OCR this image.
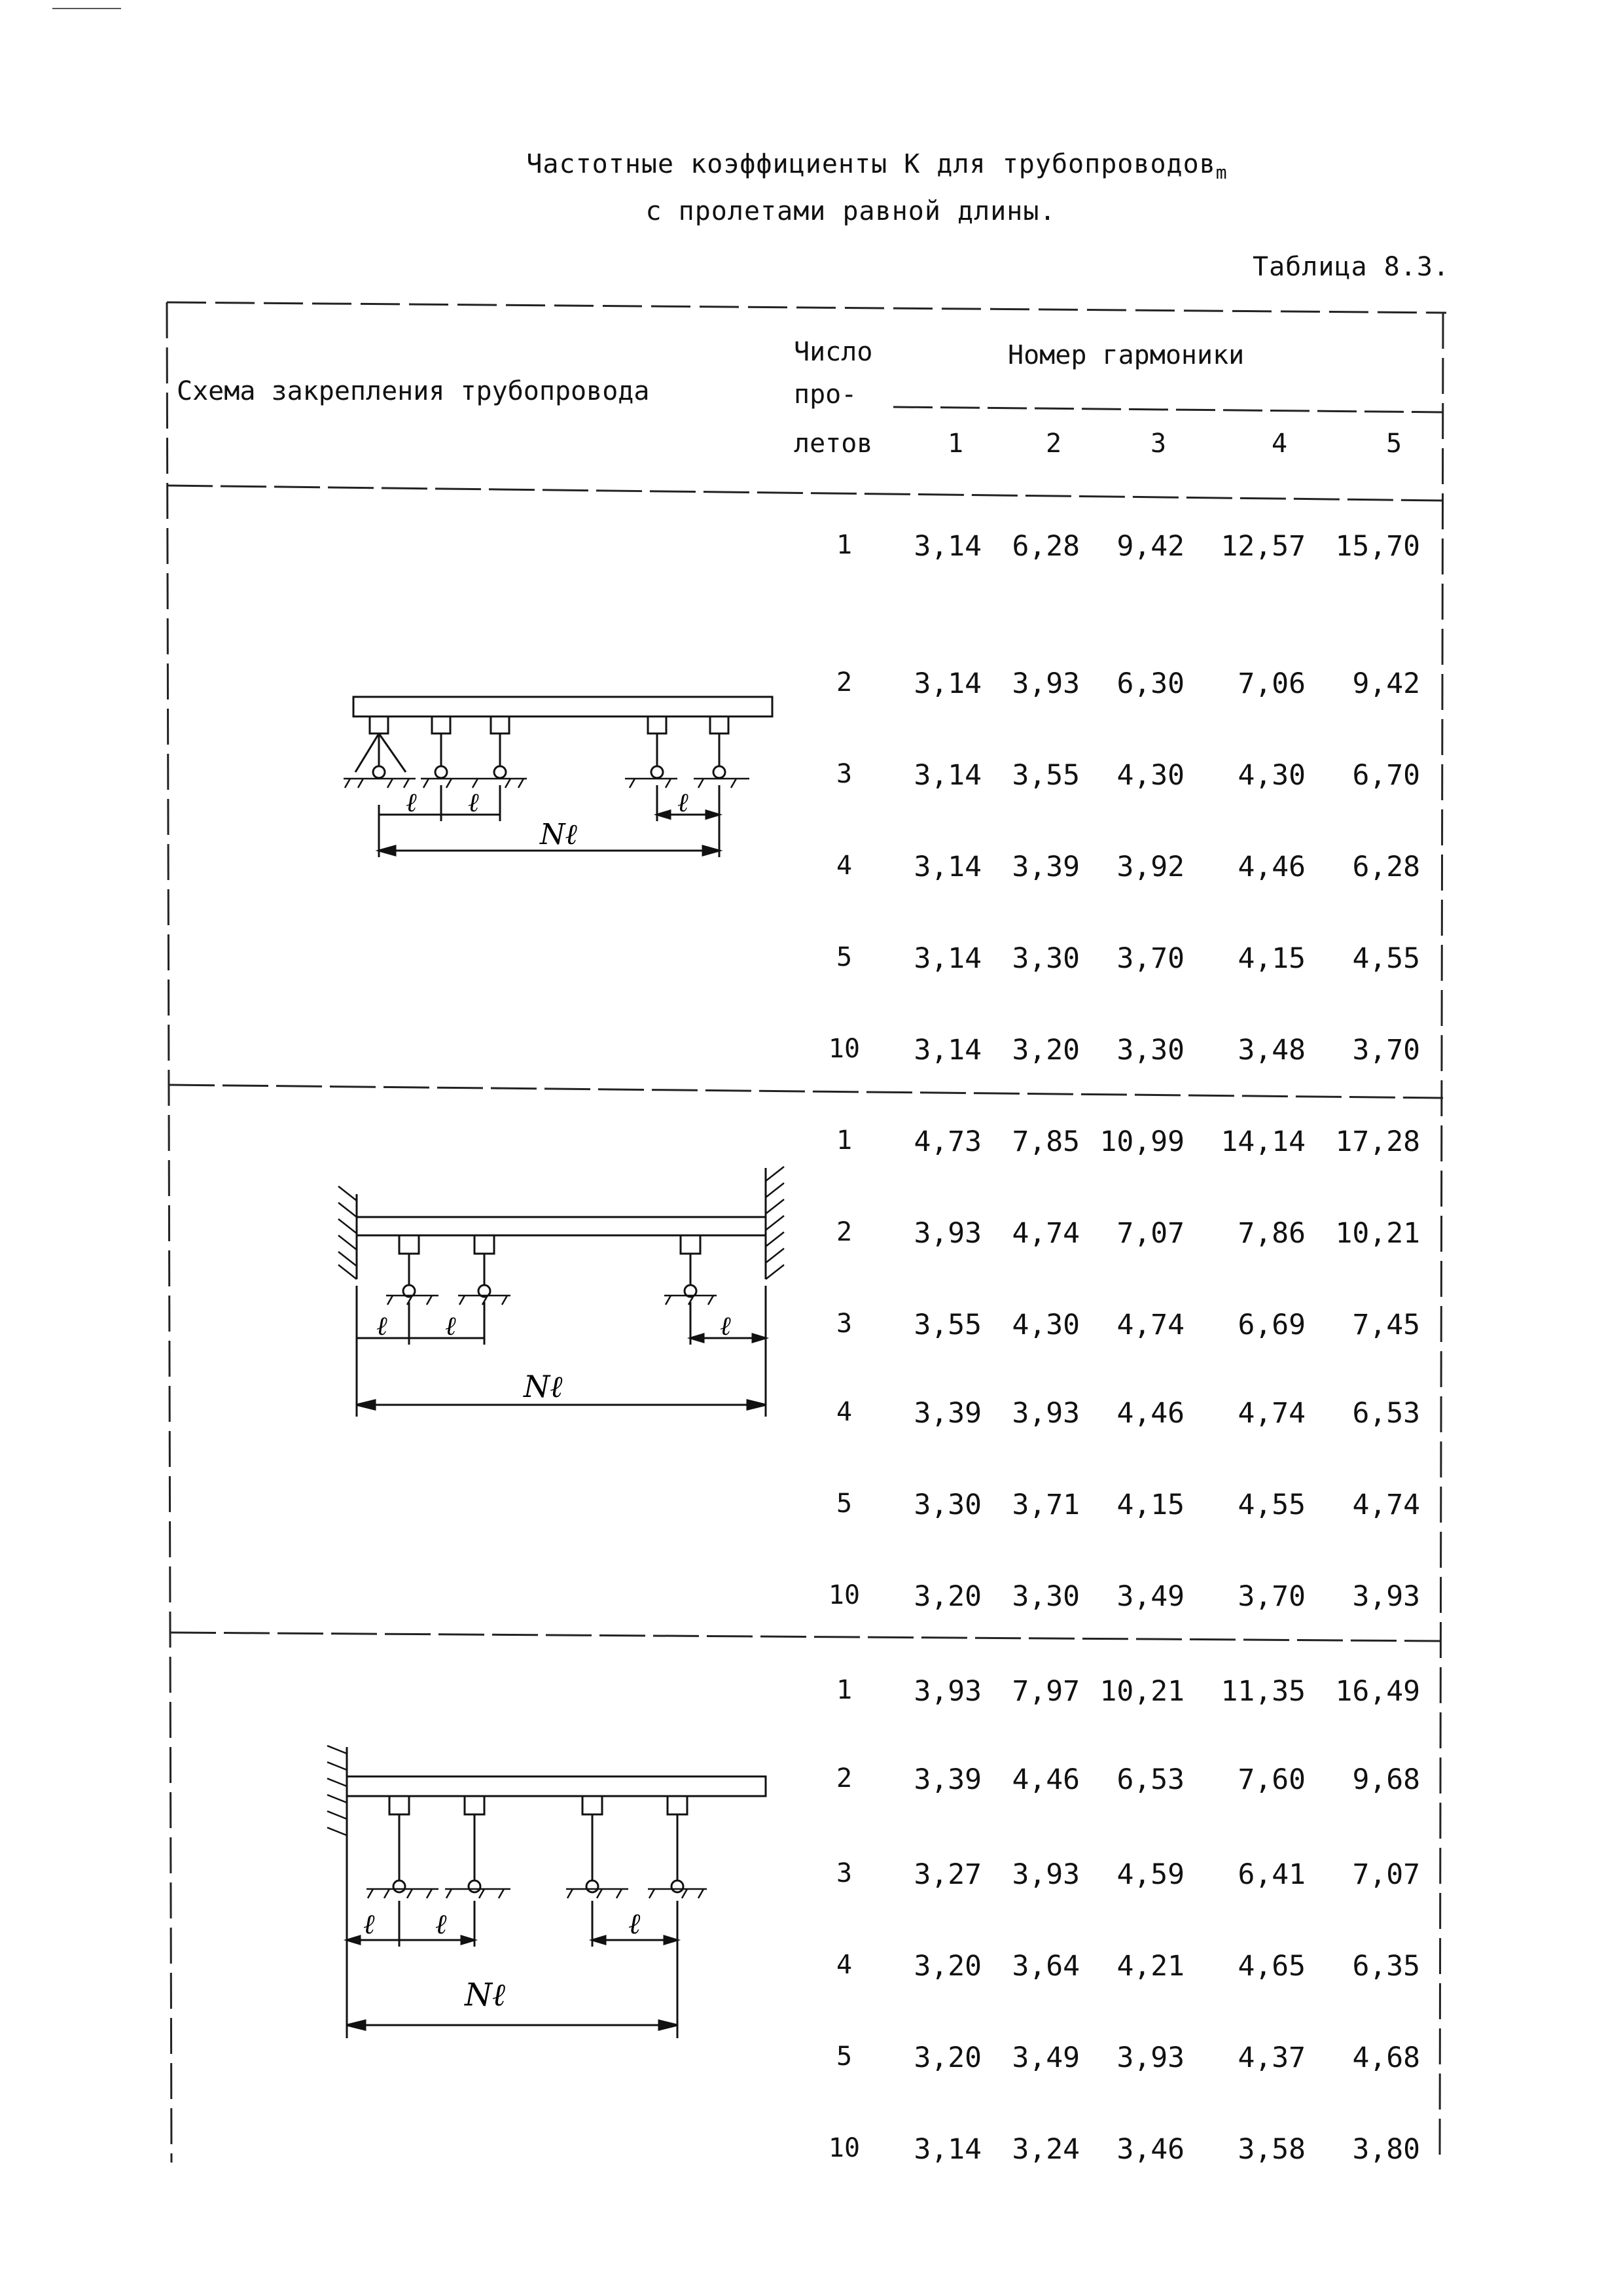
Частотные коэффициенты K для трубопроводов$_m$
с пролетами равной длины.
Таблица 8.3.
Схема закрепления трубопровода
Число
про-
летов
Номер гармоники
1	2	3	4	5
1	3,14	6,28	9,42	12,57	15,70
2	3,14	3,93	6,30	7,06	9,42
3	3,14	3,55	4,30	4,30	6,70
4	3,14	3,39	3,92	4,46	6,28
5	3,14	3,30	3,70	4,15	4,55
10	3,14	3,20	3,30	3,48	3,70
1	4,73	7,85 10,99	14,14	17,28
2	3,93	4,74	7,07	7,86	10,21
3	3,55	4,30	4,74	6,69	7,45
4	3,39	3,93	4,46	4,74	6,53
5	3,30	3,71	4,15	4,55	4,74
10	3,20	3,30	3,49	3,70	3,93
1	3,93	7,97 10,21	11,35	16,49
2	3,39	4,46	6,53	7,60	9,68
3	3,27	3,93	4,59	6,41	7,07
4	3,20	3,64	4,21	4,65	6,35
5	3,20	3,49	3,93	4,37	4,68
10	3,14	3,24	3,46	3,58	3,80
ℓ ℓ	ℓ
Nℓ
ℓ ℓ	ℓ
Nℓ
ℓ ℓ	ℓ
Nℓ
